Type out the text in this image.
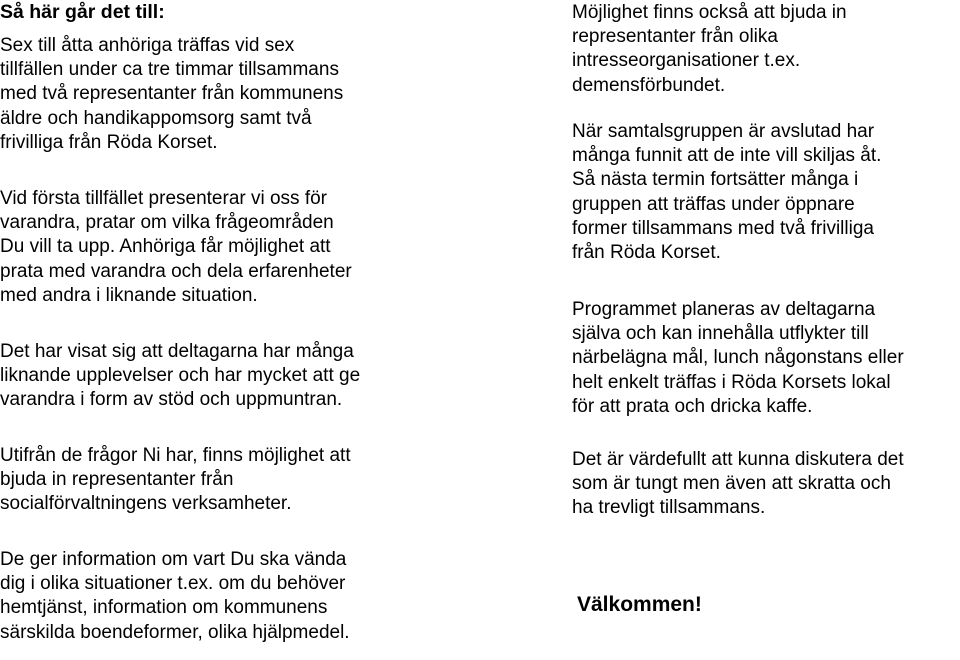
Så här går det till:

Sex till åtta anhöriga träffas vid sex
tillfällen under ca tre timmar tillsammans
med två representanter från kommunens
äldre och handikappomsorg samt två
frivilliga från Röda Korset.

Vid första tillfället presenterar vi oss för
varandra, pratar om vilka frågeområden
Du vill ta upp. Anhöriga får möjlighet att
prata med varandra och dela erfarenheter
med andra i liknande situation.

Det har visat sig att deltagarna har många
liknande upplevelser och har mycket att ge
varandra i form av stöd och uppmuntran.

Utifrån de frågor Ni har, finns möjlighet att
bjuda in representanter från
socialförvaltningens verksamheter.

De ger information om vart Du ska vända
dig i olika situationer t.ex. om du behöver
hemtjänst, information om kommunens
särskilda boendeformer, olika hjälpmedel.

Möjlighet finns också att bjuda in
representanter från olika
intresseorganisationer t.ex.
demensförbundet.

När samtalsgruppen är avslutad har
många funnit att de inte vill skiljas åt.
Så nästa termin fortsätter många i
gruppen att träffas under öppnare
former tillsammans med två frivilliga
från Röda Korset.

Programmet planeras av deltagarna
själva och kan innehålla utflykter till
närbelägna mål, lunch någonstans eller
helt enkelt träffas i Röda Korsets lokal
för att prata och dricka kaffe.

Det är värdefullt att kunna diskutera det
som är tungt men även att skratta och
ha trevligt tillsammans.

Välkommen!
